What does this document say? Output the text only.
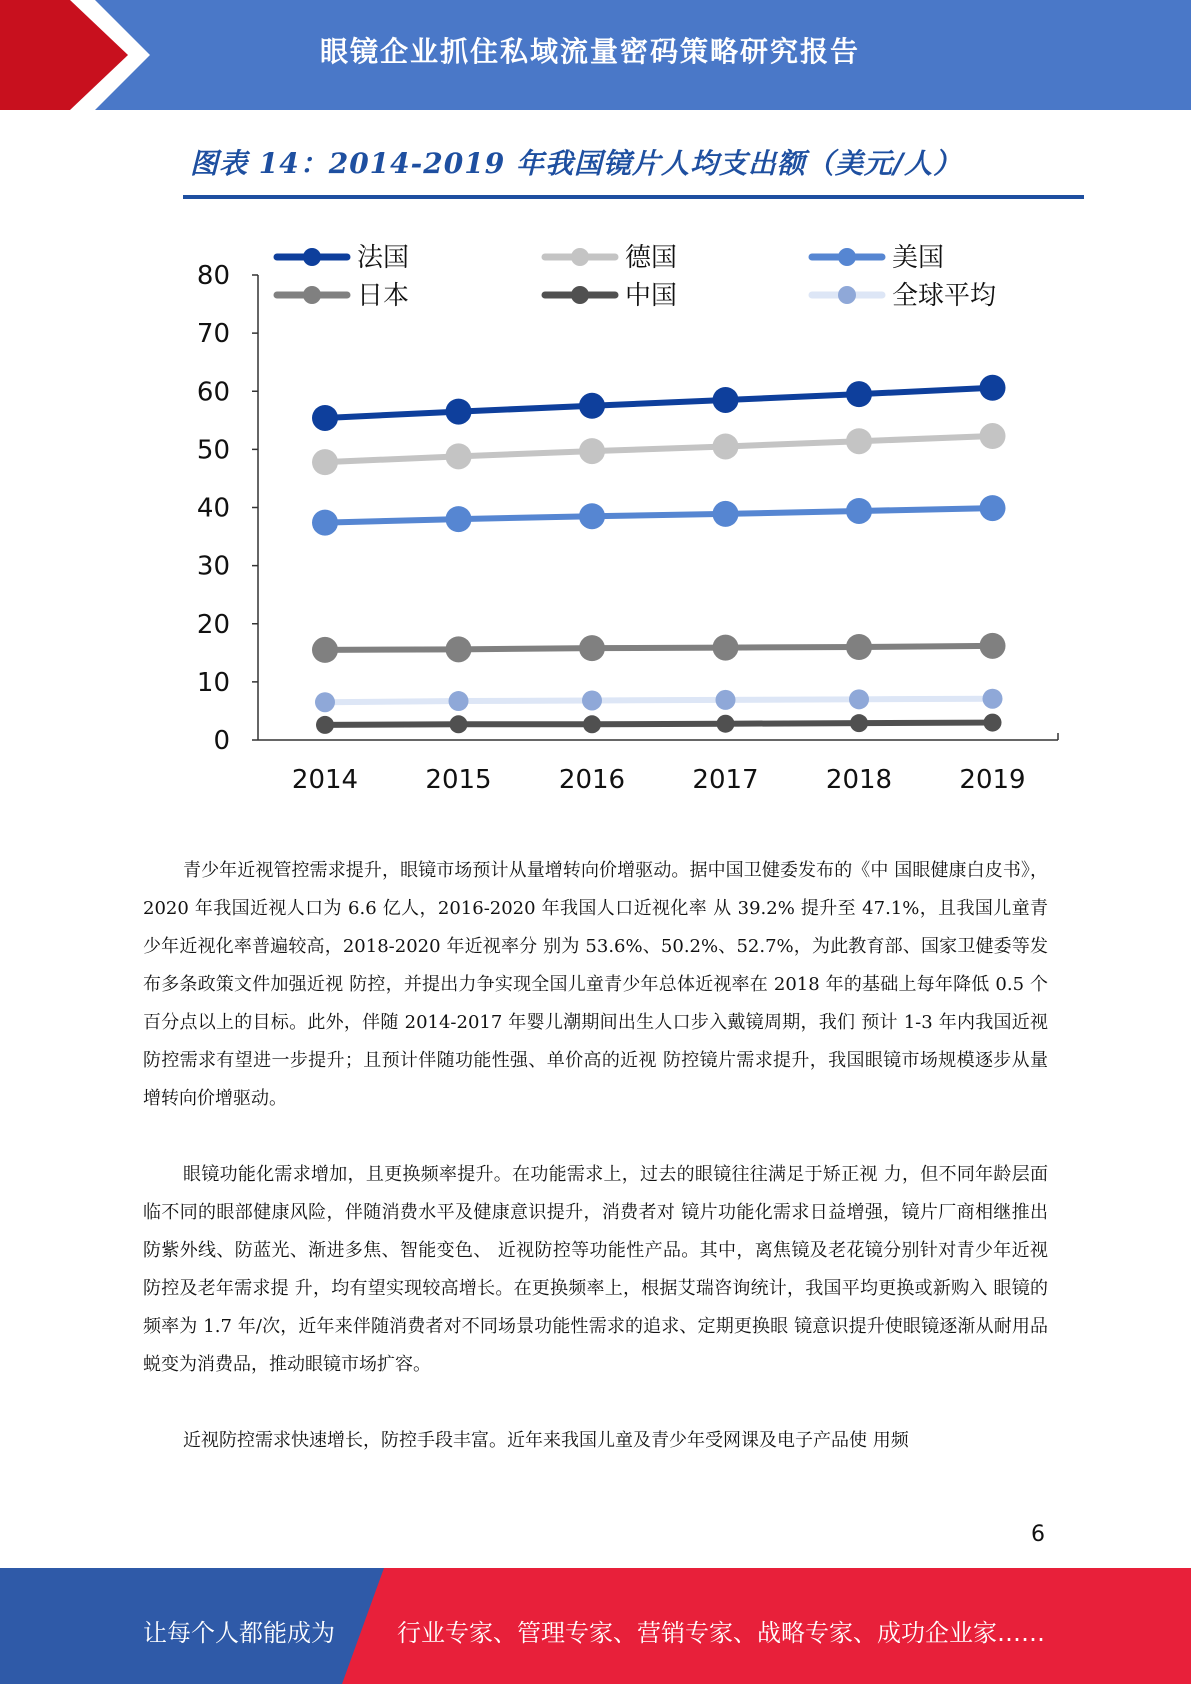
眼镜企业抓住私域流量密码策略研究报告
图表 14：2014-2019 年我国镜片人均支出额（美元/人）
0
10
20
30
40
50
60
70
80
2014	2015	2016	2017	2018	2019
法国	德国	美国
日本	中国	全球平均

青少年近视管控需求提升，眼镜市场预计从量增转向价增驱动。据中国卫健委发布的《中 国眼健康白皮书》，2020 年我国近视人口为 6.6 亿人，2016-2020 年我国人口近视化率 从 39.2% 提升至 47.1%，且我国儿童青少年近视化率普遍较高，2018-2020 年近视率分 别为 53.6%、50.2%、52.7%，为此教育部、国家卫健委等发布多条政策文件加强近视 防控，并提出力争实现全国儿童青少年总体近视率在 2018 年的基础上每年降低 0.5 个 百分点以上的目标。此外，伴随 2014-2017 年婴儿潮期间出生人口步入戴镜周期，我们 预计 1-3 年内我国近视防控需求有望进一步提升；且预计伴随功能性强、单价高的近视 防控镜片需求提升，我国眼镜市场规模逐步从量增转向价增驱动。

眼镜功能化需求增加，且更换频率提升。在功能需求上，过去的眼镜往往满足于矫正视 力，但不同年龄层面临不同的眼部健康风险，伴随消费水平及健康意识提升，消费者对 镜片功能化需求日益增强，镜片厂商相继推出防紫外线、防蓝光、渐进多焦、智能变色、 近视防控等功能性产品。其中，离焦镜及老花镜分别针对青少年近视防控及老年需求提 升，均有望实现较高增长。在更换频率上，根据艾瑞咨询统计，我国平均更换或新购入 眼镜的频率为 1.7 年/次，近年来伴随消费者对不同场景功能性需求的追求、定期更换眼 镜意识提升使眼镜逐渐从耐用品蜕变为消费品，推动眼镜市场扩容。

近视防控需求快速增长，防控手段丰富。近年来我国儿童及青少年受网课及电子产品使 用频

6
让每个人都能成为	行业专家、管理专家、营销专家、战略专家、成功企业家……
